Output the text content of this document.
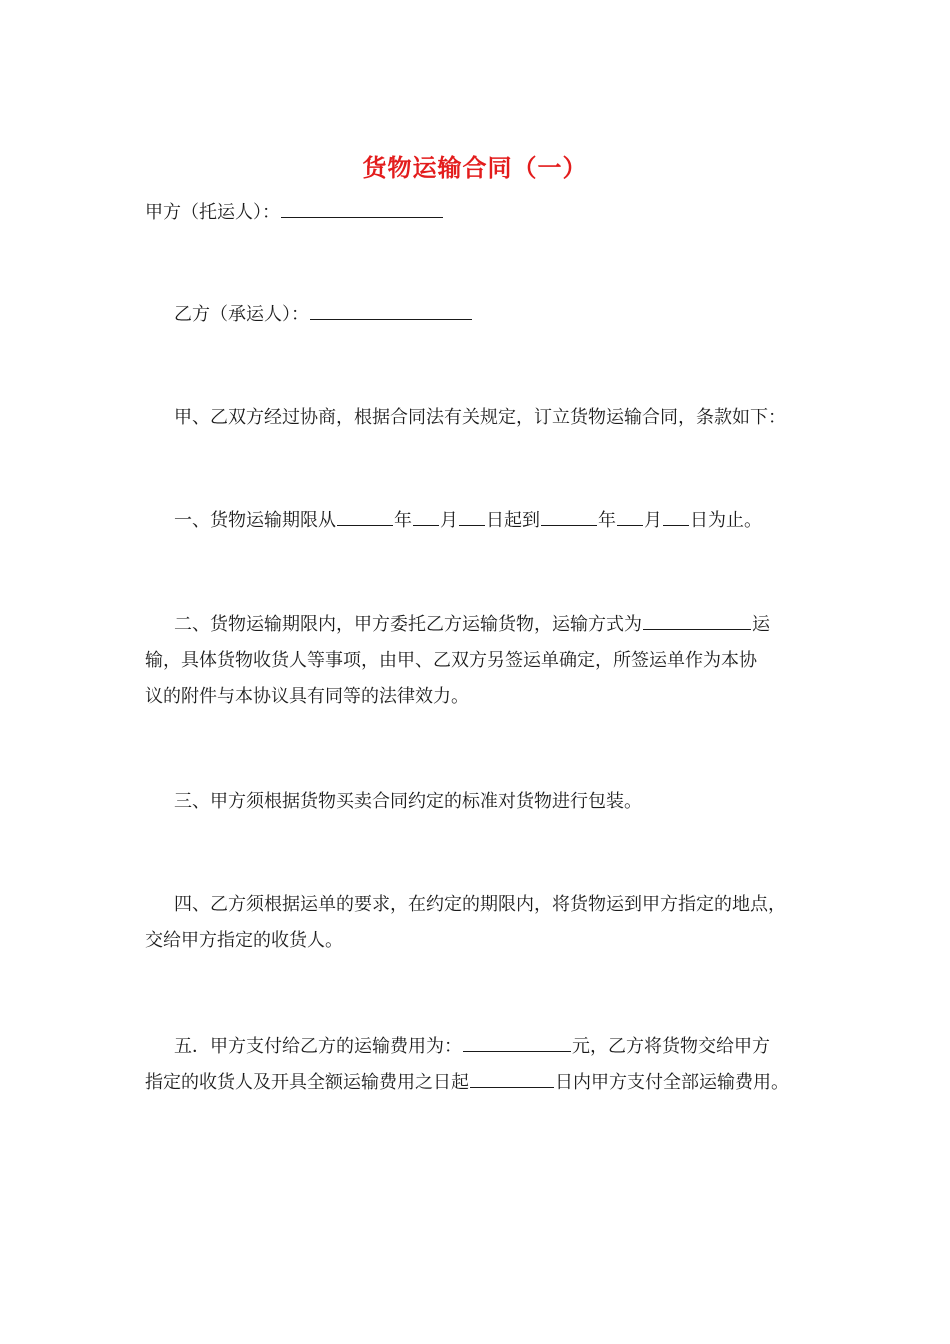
货物运输合同（一）

甲方（托运人）：

乙方（承运人）：

甲、乙双方经过协商，根据合同法有关规定，订立货物运输合同，条款如下：

一、货物运输期限从	年 月 日起到	年 月 日为止。

二、货物运输期限内，甲方委托乙方运输货物，运输方式为	运
输，具体货物收货人等事项，由甲、乙双方另签运单确定，所签运单作为本协
议的附件与本协议具有同等的法律效力。

三、甲方须根据货物买卖合同约定的标准对货物进行包装。

四、乙方须根据运单的要求，在约定的期限内，将货物运到甲方指定的地点，
交给甲方指定的收货人。
五．甲方支付给乙方的运输费用为：	元，乙方将货物交给甲方
指定的收货人及开具全额运输费用之日起	日内甲方支付全部运输费用。
